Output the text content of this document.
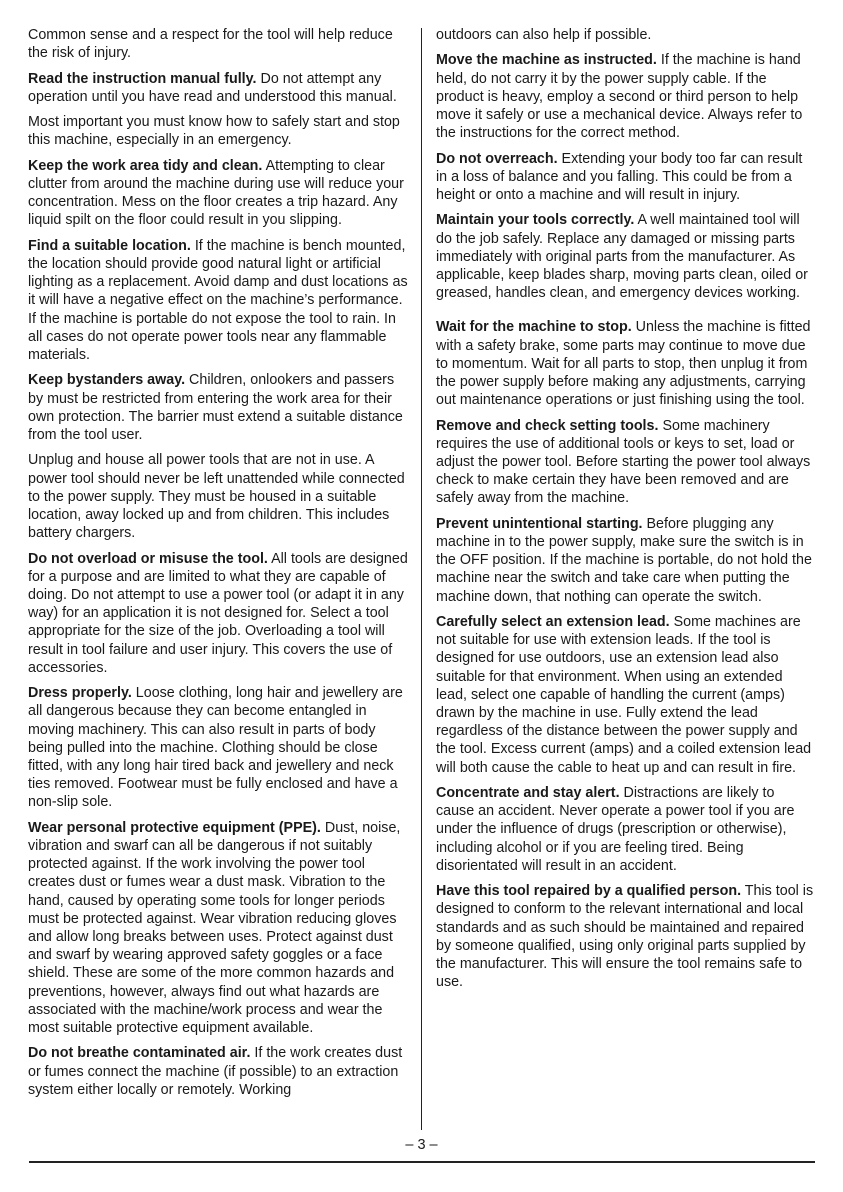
Common sense and a respect for the tool will help reduce the risk of injury.

Read the instruction manual fully. Do not attempt any operation until you have read and understood this manual.

Most important you must know how to safely start and stop this machine, especially in an emergency.

Keep the work area tidy and clean. Attempting to clear clutter from around the machine during use will reduce your concentration. Mess on the floor creates a trip hazard. Any liquid spilt on the floor could result in you slipping.

Find a suitable location. If the machine is bench mounted, the location should provide good natural light or artificial lighting as a replacement. Avoid damp and dust locations as it will have a negative effect on the machine’s performance. If the machine is portable do not expose the tool to rain. In all cases do not operate power tools near any flammable materials.

Keep bystanders away. Children, onlookers and passers by must be restricted from entering the work area for their own protection. The barrier must extend a suitable distance from the tool user.

Unplug and house all power tools that are not in use. A power tool should never be left unattended while connected to the power supply. They must be housed in a suitable location, away locked up and from children. This includes battery chargers.

Do not overload or misuse the tool. All tools are designed for a purpose and are limited to what they are capable of doing. Do not attempt to use a power tool (or adapt it in any way) for an application it is not designed for. Select a tool appropriate for the size of the job. Overloading a tool will result in tool failure and user injury. This covers the use of accessories.

Dress properly. Loose clothing, long hair and jewellery are all dangerous because they can become entangled in moving machinery. This can also result in parts of body being pulled into the machine. Clothing should be close fitted, with any long hair tired back and jewellery and neck ties removed. Footwear must be fully enclosed and have a non-slip sole.

Wear personal protective equipment (PPE). Dust, noise, vibration and swarf can all be dangerous if not suitably protected against. If the work involving the power tool creates dust or fumes wear a dust mask. Vibration to the hand, caused by operating some tools for longer periods must be protected against. Wear vibration reducing gloves and allow long breaks between uses. Protect against dust and swarf by wearing approved safety goggles or a face shield. These are some of the more common hazards and preventions, however, always find out what hazards are associated with the machine/work process and wear the most suitable protective equipment available.

Do not breathe contaminated air. If the work creates dust or fumes connect the machine (if possible) to an extraction system either locally or remotely. Working

outdoors can also help if possible.

Move the machine as instructed. If the machine is hand held, do not carry it by the power supply cable. If the product is heavy, employ a second or third person to help move it safely or use a mechanical device. Always refer to the instructions for the correct method.

Do not overreach. Extending your body too far can result in a loss of balance and you falling. This could be from a height or onto a machine and will result in injury.

Maintain your tools correctly. A well maintained tool will do the job safely. Replace any damaged or missing parts immediately with original parts from the manufacturer. As applicable, keep blades sharp, moving parts clean, oiled or greased, handles clean, and emergency devices working.

Wait for the machine to stop. Unless the machine is fitted with a safety brake, some parts may continue to move due to momentum. Wait for all parts to stop, then unplug it from the power supply before making any adjustments, carrying out maintenance operations or just finishing using the tool.

Remove and check setting tools. Some machinery requires the use of additional tools or keys to set, load or adjust the power tool. Before starting the power tool always check to make certain they have been removed and are safely away from the machine.

Prevent unintentional starting. Before plugging any machine in to the power supply, make sure the switch is in the OFF position. If the machine is portable, do not hold the machine near the switch and take care when putting the machine down, that nothing can operate the switch.

Carefully select an extension lead. Some machines are not suitable for use with extension leads. If the tool is designed for use outdoors, use an extension lead also suitable for that environment. When using an extended lead, select one capable of handling the current (amps) drawn by the machine in use. Fully extend the lead regardless of the distance between the power supply and the tool. Excess current (amps) and a coiled extension lead will both cause the cable to heat up and can result in fire.

Concentrate and stay alert. Distractions are likely to cause an accident. Never operate a power tool if you are under the influence of drugs (prescription or otherwise), including alcohol or if you are feeling tired. Being disorientated will result in an accident.

Have this tool repaired by a qualified person. This tool is designed to conform to the relevant international and local standards and as such should be maintained and repaired by someone qualified, using only original parts supplied by the manufacturer. This will ensure the tool remains safe to use.

– 3 –
